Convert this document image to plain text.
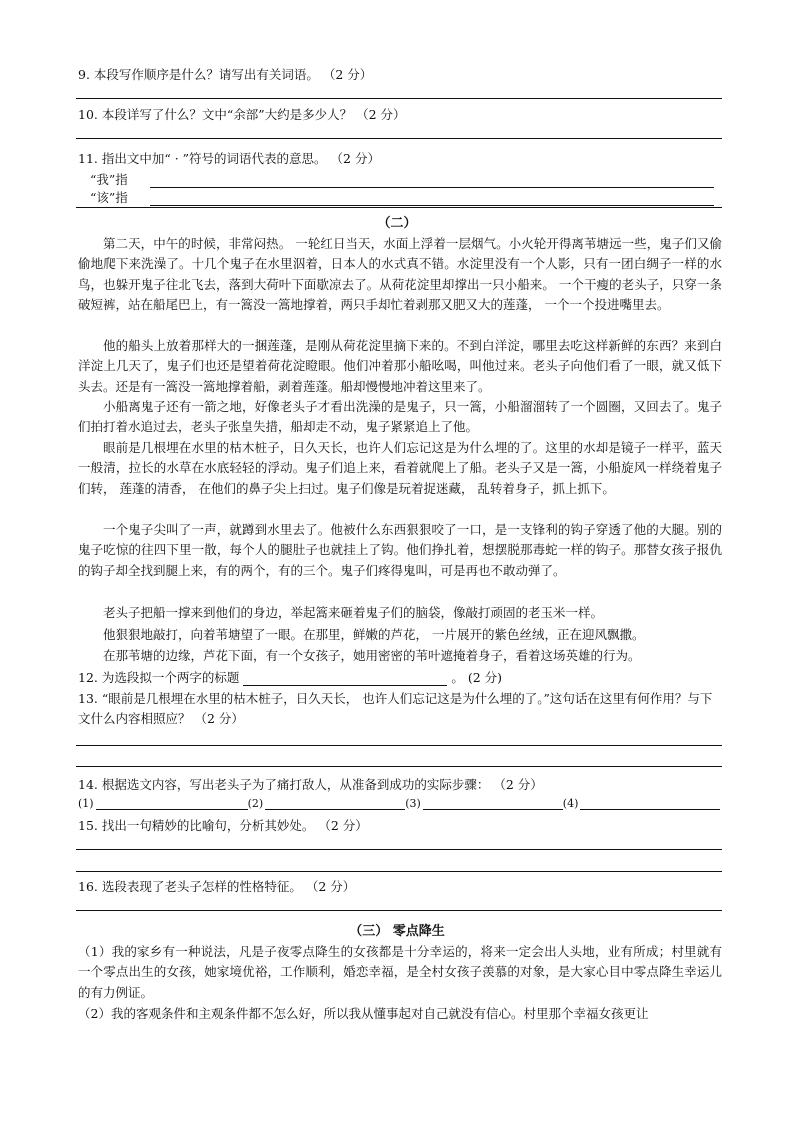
9. 本段写作顺序是什么？请写出有关词语。 （2 分）
10. 本段详写了什么？文中“余部”大约是多少人？ （2 分）
11. 指出文中加“ · ”符号的词语代表的意思。 （2 分）
“我”指
“该”指
（二）
第二天，中午的时候，非常闷热。 一轮红日当天，水面上浮着一层烟气。小火轮开得离苇塘远一些，鬼子们又偷偷地爬下来洗澡了。十几个鬼子在水里泅着，日本人的水式真不错。水淀里没有一个人影，只有一团白绸子一样的水鸟，也躲开鬼子往北飞去，落到大荷叶下面歇凉去了。从荷花淀里却撑出一只小船来。 一个干瘦的老头子，只穿一条破短裤，站在船尾巴上，有一篙没一篙地撑着，两只手却忙着剥那又肥又大的莲蓬， 一个一个投进嘴里去。
他的船头上放着那样大的一捆莲蓬，是刚从荷花淀里摘下来的。不到白洋淀，哪里去吃这样新鲜的东西？来到白洋淀上几天了，鬼子们也还是望着荷花淀瞪眼。他们冲着那小船吆喝，叫他过来。老头子向他们看了一眼，就又低下头去。还是有一篙没一篙地撑着船，剥着莲蓬。船却慢慢地冲着这里来了。
小船离鬼子还有一箭之地，好像老头子才看出洗澡的是鬼子，只一篙，小船溜溜转了一个圆圈，又回去了。鬼子们拍打着水追过去，老头子张皇失措，船却走不动，鬼子紧紧追上了他。
眼前是几根埋在水里的枯木桩子，日久天长，也许人们忘记这是为什么埋的了。这里的水却是镜子一样平，蓝天一般清，拉长的水草在水底轻轻的浮动。鬼子们追上来，看着就爬上了船。老头子又是一篙，小船旋风一样绕着鬼子们转， 莲蓬的清香， 在他们的鼻子尖上扫过。鬼子们像是玩着捉迷藏， 乱转着身子，抓上抓下。
一个鬼子尖叫了一声，就蹲到水里去了。他被什么东西狠狠咬了一口，是一支锋利的钩子穿透了他的大腿。别的鬼子吃惊的往四下里一散，每个人的腿肚子也就挂上了钩。他们挣扎着，想摆脱那毒蛇一样的钩子。那替女孩子报仇的钩子却全找到腿上来，有的两个，有的三个。鬼子们疼得鬼叫，可是再也不敢动弹了。
老头子把船一撑来到他们的身边，举起篙来砸着鬼子们的脑袋，像敲打顽固的老玉米一样。
他狠狠地敲打，向着苇塘望了一眼。在那里，鲜嫩的芦花， 一片展开的紫色丝绒，正在迎风飘撒。
在那苇塘的边缘，芦花下面，有一个女孩子，她用密密的苇叶遮掩着身子，看着这场英雄的行为。
12. 为选段拟一个两字的标题	。 (2 分)
13. “眼前是几根埋在水里的枯木桩子，日久天长， 也许人们忘记这是为什么埋的了。”这句话在这里有何作用？与下文什么内容相照应？ （2 分）
14. 根据选文内容，写出老头子为了痛打敌人，从准备到成功的实际步骤： （2 分）
(1)	(2)	(3)	(4)
15. 找出一句精妙的比喻句，分析其妙处。 （2 分）
16. 选段表现了老头子怎样的性格特征。 （2 分）
（三） 零点降生
（1）我的家乡有一种说法，凡是子夜零点降生的女孩都是十分幸运的，将来一定会出人头地，业有所成；村里就有一个零点出生的女孩，她家境优裕，工作顺利，婚恋幸福，是全村女孩子羡慕的对象，是大家心目中零点降生幸运儿的有力例证。
（2）我的客观条件和主观条件都不怎么好，所以我从懂事起对自己就没有信心。村里那个幸福女孩更让
